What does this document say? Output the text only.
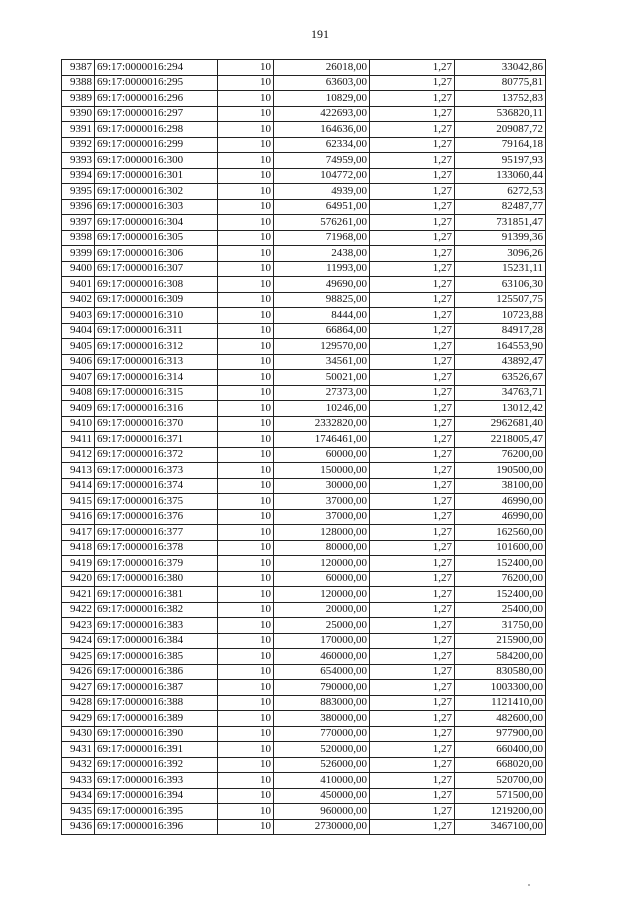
191
9387	69:17:0000016:294	10	26018,00	1,27	33042,86
9388	69:17:0000016:295	10	63603,00	1,27	80775,81
9389	69:17:0000016:296	10	10829,00	1,27	13752,83
9390	69:17:0000016:297	10	422693,00	1,27	536820,11
9391	69:17:0000016:298	10	164636,00	1,27	209087,72
9392	69:17:0000016:299	10	62334,00	1,27	79164,18
9393	69:17:0000016:300	10	74959,00	1,27	95197,93
9394	69:17:0000016:301	10	104772,00	1,27	133060,44
9395	69:17:0000016:302	10	4939,00	1,27	6272,53
9396	69:17:0000016:303	10	64951,00	1,27	82487,77
9397	69:17:0000016:304	10	576261,00	1,27	731851,47
9398	69:17:0000016:305	10	71968,00	1,27	91399,36
9399	69:17:0000016:306	10	2438,00	1,27	3096,26
9400	69:17:0000016:307	10	11993,00	1,27	15231,11
9401	69:17:0000016:308	10	49690,00	1,27	63106,30
9402	69:17:0000016:309	10	98825,00	1,27	125507,75
9403	69:17:0000016:310	10	8444,00	1,27	10723,88
9404	69:17:0000016:311	10	66864,00	1,27	84917,28
9405	69:17:0000016:312	10	129570,00	1,27	164553,90
9406	69:17:0000016:313	10	34561,00	1,27	43892,47
9407	69:17:0000016:314	10	50021,00	1,27	63526,67
9408	69:17:0000016:315	10	27373,00	1,27	34763,71
9409	69:17:0000016:316	10	10246,00	1,27	13012,42
9410	69:17:0000016:370	10	2332820,00	1,27	2962681,40
9411	69:17:0000016:371	10	1746461,00	1,27	2218005,47
9412	69:17:0000016:372	10	60000,00	1,27	76200,00
9413	69:17:0000016:373	10	150000,00	1,27	190500,00
9414	69:17:0000016:374	10	30000,00	1,27	38100,00
9415	69:17:0000016:375	10	37000,00	1,27	46990,00
9416	69:17:0000016:376	10	37000,00	1,27	46990,00
9417	69:17:0000016:377	10	128000,00	1,27	162560,00
9418	69:17:0000016:378	10	80000,00	1,27	101600,00
9419	69:17:0000016:379	10	120000,00	1,27	152400,00
9420	69:17:0000016:380	10	60000,00	1,27	76200,00
9421	69:17:0000016:381	10	120000,00	1,27	152400,00
9422	69:17:0000016:382	10	20000,00	1,27	25400,00
9423	69:17:0000016:383	10	25000,00	1,27	31750,00
9424	69:17:0000016:384	10	170000,00	1,27	215900,00
9425	69:17:0000016:385	10	460000,00	1,27	584200,00
9426	69:17:0000016:386	10	654000,00	1,27	830580,00
9427	69:17:0000016:387	10	790000,00	1,27	1003300,00
9428	69:17:0000016:388	10	883000,00	1,27	1121410,00
9429	69:17:0000016:389	10	380000,00	1,27	482600,00
9430	69:17:0000016:390	10	770000,00	1,27	977900,00
9431	69:17:0000016:391	10	520000,00	1,27	660400,00
9432	69:17:0000016:392	10	526000,00	1,27	668020,00
9433	69:17:0000016:393	10	410000,00	1,27	520700,00
9434	69:17:0000016:394	10	450000,00	1,27	571500,00
9435	69:17:0000016:395	10	960000,00	1,27	1219200,00
9436	69:17:0000016:396	10	2730000,00	1,27	3467100,00
